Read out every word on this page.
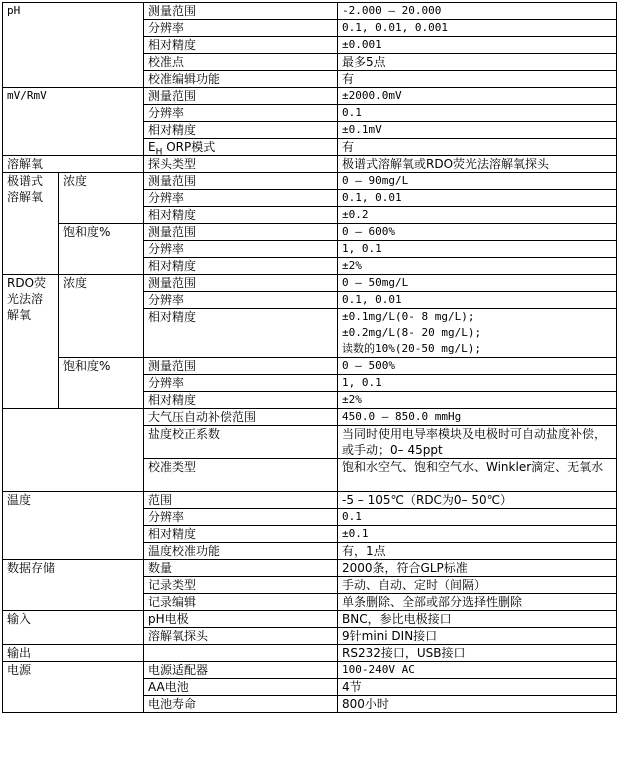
pH		测量范围	-2.000 – 20.000
		分辨率	0.1, 0.01, 0.001
		相对精度	±0.001
		校准点	最多5点
		校准编辑功能	有
mV/RmV		测量范围	±2000.0mV
		分辨率	0.1
		相对精度	±0.1mV
		$E_H$ ORP模式	有
溶解氧		探头类型	极谱式溶解氧或RDO荧光法溶解氧探头
极谱式溶解氧	浓度	测量范围	0 – 90mg/L
		分辨率	0.1, 0.01
		相对精度	±0.2
	饱和度%	测量范围	0 – 600%
		分辨率	1, 0.1
		相对精度	±2%
RDO荧光法溶解氧	浓度	测量范围	0 – 50mg/L
		分辨率	0.1, 0.01
		相对精度	±0.1mg/L(0- 8 mg/L);
±0.2mg/L(8- 20 mg/L);
读数的10%(20-50 mg/L);

	饱和度%	测量范围	0 – 500%
		分辨率	1, 0.1
		相对精度	±2%
		大气压自动补偿范围	450.0 – 850.0 mmHg
		盐度校正系数	当同时使用电导率模块及电极时可自动盐度补偿，或手动；0– 45ppt
		校准类型	饱和水空气、饱和空气水、Winkler滴定、无氧水
温度		范围	-5 – 105℃（RDC为0– 50℃）
		分辨率	0.1
		相对精度	±0.1
		温度校准功能	有，1点
数据存储		数量	2000条，符合GLP标准
		记录类型	手动、自动、定时（间隔）
		记录编辑	单条删除、全部或部分选择性删除
输入		pH电极	BNC，参比电极接口
		溶解氧探头	9针mini DIN接口
输出			RS232接口，USB接口
电源		电源适配器	100-240V AC
		AA电池	4节
		电池寿命	800小时
